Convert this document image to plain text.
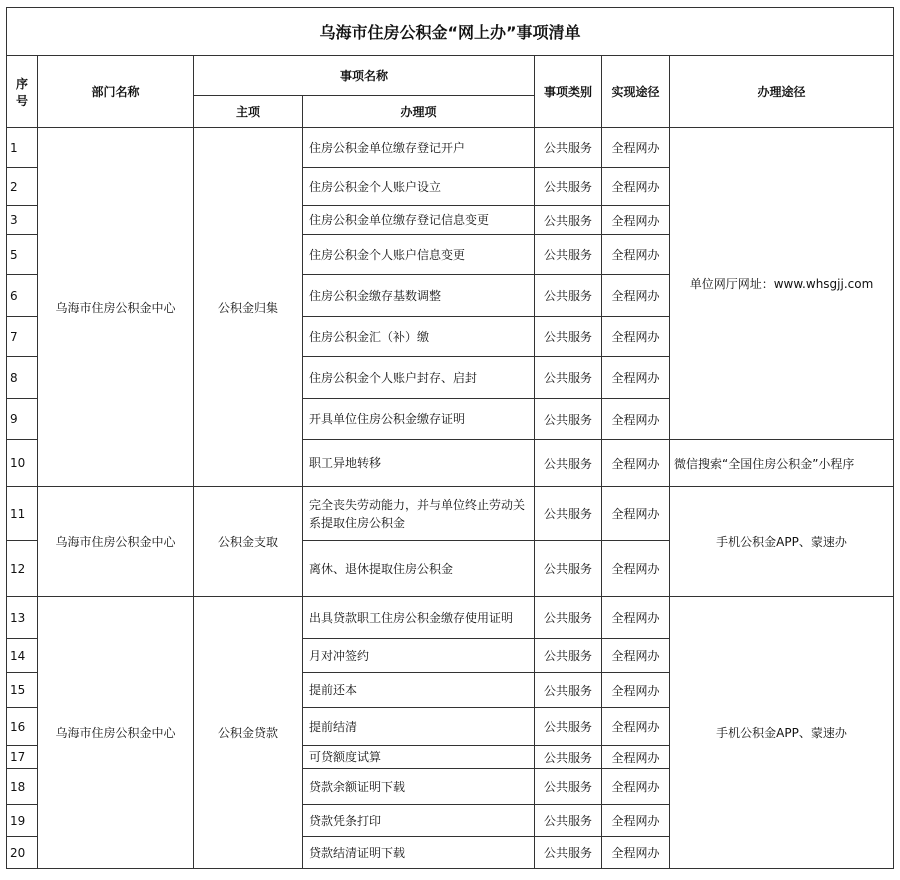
乌海市住房公积金“网上办”事项清单						
序号	部门名称	事项名称		事项类别	实现途径	办理途径
		主项	办理项			
1	乌海市住房公积金中心	公积金归集	住房公积金单位缴存登记开户	公共服务	全程网办	单位网厅网址：www.whsgjj.com
2			住房公积金个人账户设立	公共服务	全程网办	
3			住房公积金单位缴存登记信息变更	公共服务	全程网办	
5			住房公积金个人账户信息变更	公共服务	全程网办	
6			住房公积金缴存基数调整	公共服务	全程网办	
7			住房公积金汇（补）缴	公共服务	全程网办	
8			住房公积金个人账户封存、启封	公共服务	全程网办	
9			开具单位住房公积金缴存证明	公共服务	全程网办	
10			职工异地转移	公共服务	全程网办	微信搜索“全国住房公积金”小程序
11	乌海市住房公积金中心	公积金支取	完全丧失劳动能力，并与单位终止劳动关系提取住房公积金	公共服务	全程网办	手机公积金APP、蒙速办
12			离休、退休提取住房公积金	公共服务	全程网办	
13	乌海市住房公积金中心	公积金贷款	出具贷款职工住房公积金缴存使用证明	公共服务	全程网办	手机公积金APP、蒙速办
14			月对冲签约	公共服务	全程网办	
15			提前还本	公共服务	全程网办	
16			提前结清	公共服务	全程网办	
17			可贷额度试算	公共服务	全程网办	
18			贷款余额证明下载	公共服务	全程网办	
19			贷款凭条打印	公共服务	全程网办	
20			贷款结清证明下载	公共服务	全程网办	
